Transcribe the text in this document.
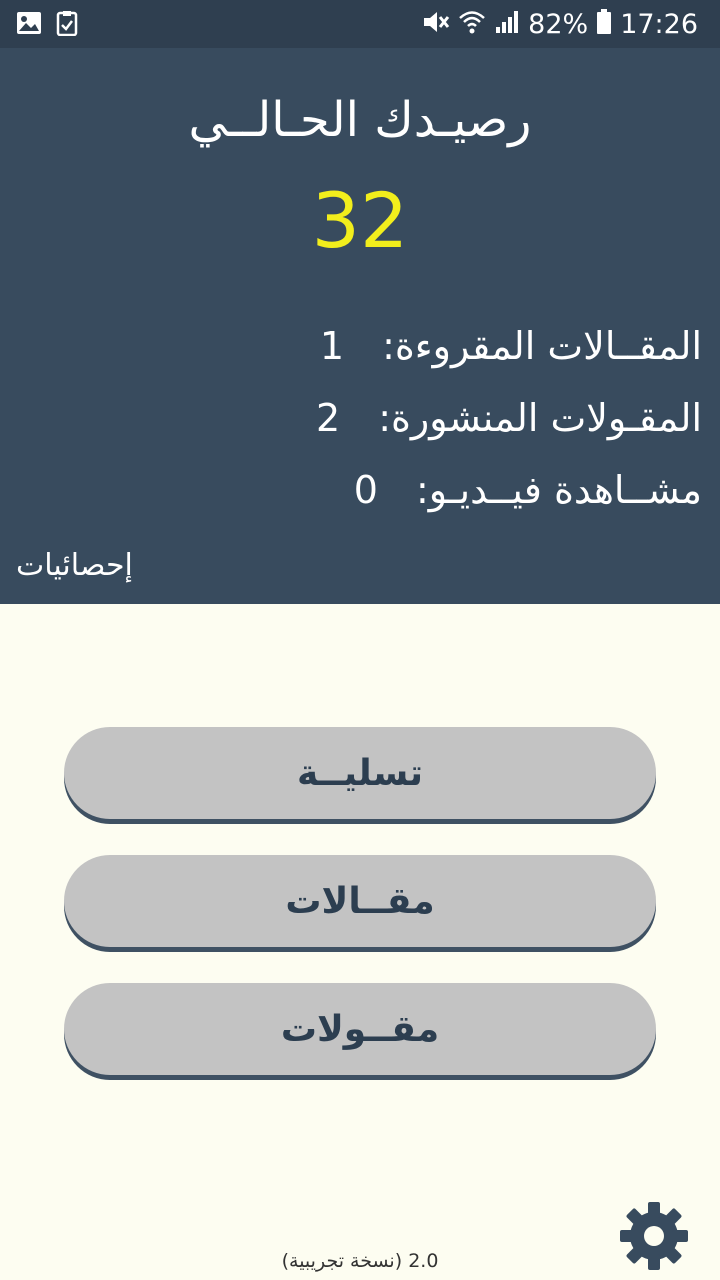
82% 17:26
رصيـدك الحـالــي
32
المقــالات المقروءة:
1
المقـولات المنشورة:
2
مشــاهدة فيــديـو:
0
إحصائيات
تسليــة
مقــالات
مقــولات
(نسخة تجريبية) 2.0
